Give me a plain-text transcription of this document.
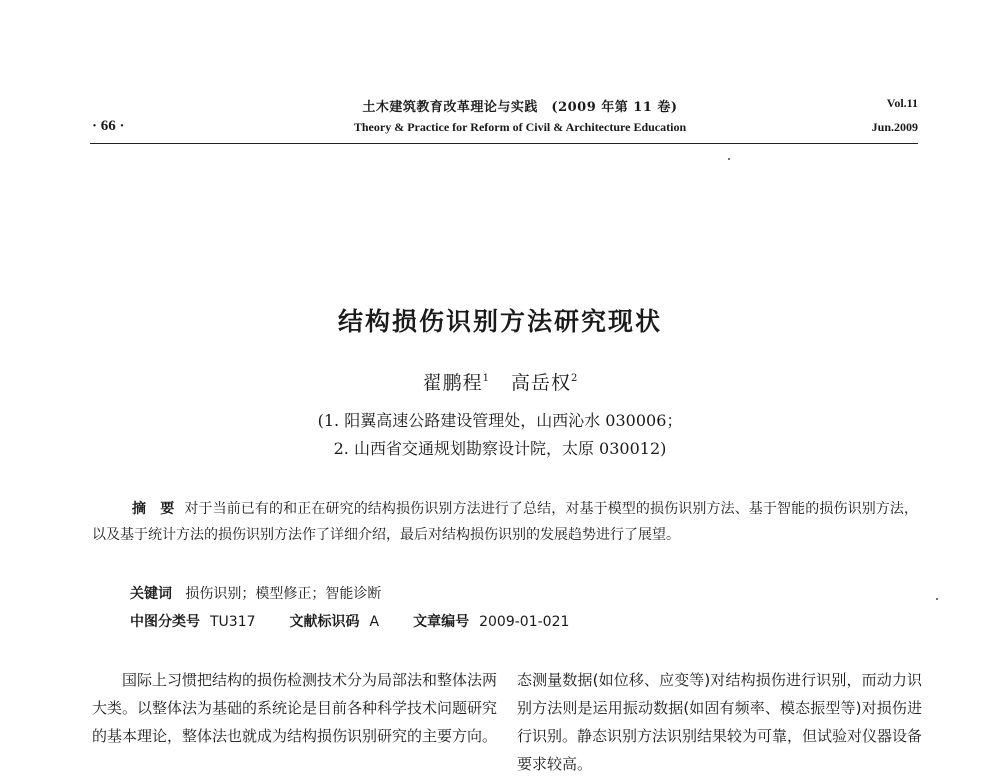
土木建筑教育改革理论与实践　(2009 年第 11 卷)
Theory & Practice for Reform of Civil & Architecture Education
· 66 ·
Vol.11
Jun.2009
结构损伤识别方法研究现状
翟鹏程$^1$ 高岳权$^2$
(1. 阳翼高速公路建设管理处，山西沁水 030006；
2. 山西省交通规划勘察设计院，太原 030012)
摘 要 对于当前已有的和正在研究的结构损伤识别方法进行了总结，对基于模型的损伤识别方法、基于智能的损伤识别方法，以及基于统计方法的损伤识别方法作了详细介绍，最后对结构损伤识别的发展趋势进行了展望。
关键词 损伤识别；模型修正；智能诊断
中图分类号 TU317 文献标识码 A 文章编号 2009-01-021

国际上习惯把结构的损伤检测技术分为局部法和整体法两大类。以整体法为基础的系统论是目前各种科学技术问题研究的基本理论，整体法也就成为结构损伤识别研究的主要方向。

态测量数据(如位移、应变等)对结构损伤进行识别，而动力识别方法则是运用振动数据(如固有频率、模态振型等)对损伤进行识别。静态识别方法识别结果较为可靠，但试验对仪器设备要求较高。
